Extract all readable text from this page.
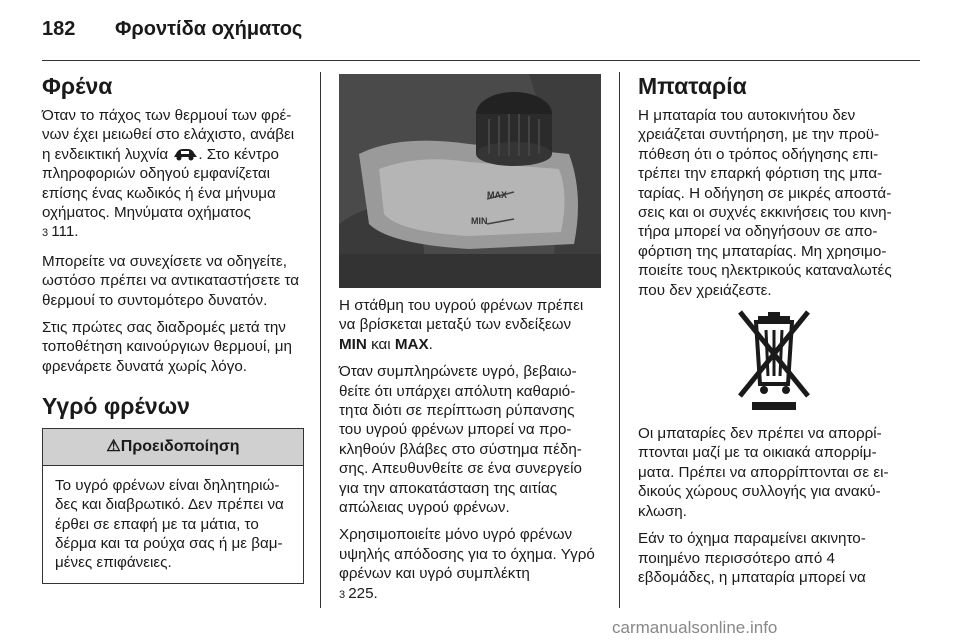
182 Φροντίδα οχήματος
Φρένα

Όταν το πάχος των θερμουί των φρέ-νων έχει μειωθεί στο ελάχιστο, ανάβει η ενδεικτική λυχνία . Στο κέντρο πληροφοριών οδηγού εμφανίζεται επίσης ένας κωδικός ή ένα μήνυμα οχήματος. Μηνύματα οχήματος
3 111.

Μπορείτε να συνεχίσετε να οδηγείτε, ωστόσο πρέπει να αντικαταστήσετε τα θερμουί το συντομότερο δυνατόν.

Στις πρώτες σας διαδρομές μετά την τοποθέτηση καινούργιων θερμουί, μη φρενάρετε δυνατά χωρίς λόγο.

Υγρό φρένων
⚠Προειδοποίηση
Το υγρό φρένων είναι δηλητηριώ-δες και διαβρωτικό. Δεν πρέπει να έρθει σε επαφή με τα μάτια, το δέρμα και τα ρούχα σας ή με βαμ-μένες επιφάνειες.
MAX
MIN

Η στάθμη του υγρού φρένων πρέπει να βρίσκεται μεταξύ των ενδείξεων MIN και MAX.

Όταν συμπληρώνετε υγρό, βεβαιω-θείτε ότι υπάρχει απόλυτη καθαριό-τητα διότι σε περίπτωση ρύπανσης του υγρού φρένων μπορεί να προ-κληθούν βλάβες στο σύστημα πέδη-σης. Απευθυνθείτε σε ένα συνεργείο για την αποκατάσταση της αιτίας απώλειας υγρού φρένων.

Χρησιμοποιείτε μόνο υγρό φρένων υψηλής απόδοσης για το όχημα. Υγρό φρένων και υγρό συμπλέκτη
3 225.

Μπαταρία

Η μπαταρία του αυτοκινήτου δεν χρειάζεται συντήρηση, με την προϋ-πόθεση ότι ο τρόπος οδήγησης επι-τρέπει την επαρκή φόρτιση της μπα-ταρίας. Η οδήγηση σε μικρές αποστά-σεις και οι συχνές εκκινήσεις του κινη-τήρα μπορεί να οδηγήσουν σε απο-φόρτιση της μπαταρίας. Μη χρησιμο-ποιείτε τους ηλεκτρικούς καταναλωτές που δεν χρειάζεστε.

Οι μπαταρίες δεν πρέπει να απορρί-πτονται μαζί με τα οικιακά απορρίμ-ματα. Πρέπει να απορρίπτονται σε ει-δικούς χώρους συλλογής για ανακύ-κλωση.

Εάν το όχημα παραμείνει ακινητο-ποιημένο περισσότερο από 4 εβδομάδες, η μπαταρία μπορεί να

carmanualsonline.info
